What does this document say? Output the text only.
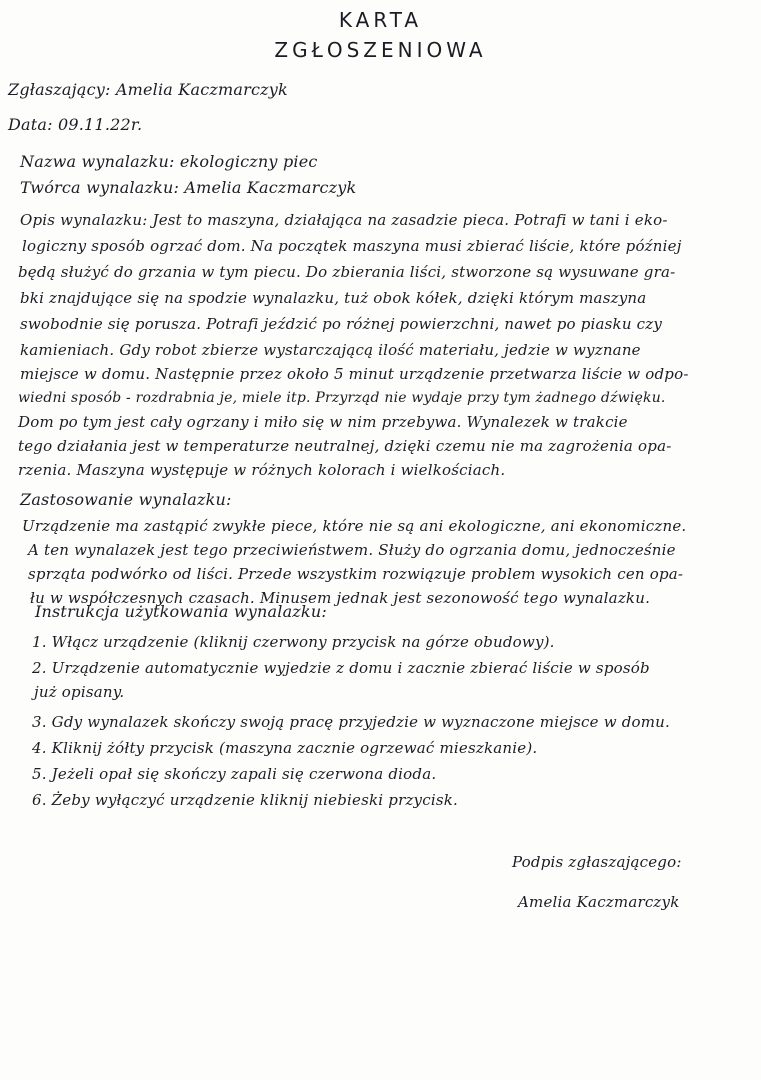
KARTA
ZGŁOSZENIOWA
Zgłaszający: Amelia Kaczmarczyk
Data: 09.11.22r.
Nazwa wynalazku: ekologiczny piec
Twórca wynalazku: Amelia Kaczmarczyk
Opis wynalazku: Jest to maszyna, działająca na zasadzie pieca. Potrafi w tani i eko-
logiczny sposób ogrzać dom. Na początek maszyna musi zbierać liście, które później
będą służyć do grzania w tym piecu. Do zbierania liści, stworzone są wysuwane gra-
bki znajdujące się na spodzie wynalazku, tuż obok kółek, dzięki którym maszyna
swobodnie się porusza. Potrafi jeździć po różnej powierzchni, nawet po piasku czy
kamieniach. Gdy robot zbierze wystarczającą ilość materiału, jedzie w wyznane
miejsce w domu. Następnie przez około 5 minut urządzenie przetwarza liście w odpo-
wiedni sposób - rozdrabnia je, miele itp. Przyrząd nie wydaje przy tym żadnego dźwięku.
Dom po tym jest cały ogrzany i miło się w nim przebywa. Wynalezek w trakcie
tego działania jest w temperaturze neutralnej, dzięki czemu nie ma zagrożenia opa-
rzenia. Maszyna występuje w różnych kolorach i wielkościach.
Zastosowanie wynalazku:
Urządzenie ma zastąpić zwykłe piece, które nie są ani ekologiczne, ani ekonomiczne.
A ten wynalazek jest tego przeciwieństwem. Służy do ogrzania domu, jednocześnie
sprząta podwórko od liści. Przede wszystkim rozwiązuje problem wysokich cen opa-
łu w współczesnych czasach. Minusem jednak jest sezonowość tego wynalazku.
Instrukcja użytkowania wynalazku:
1. Włącz urządzenie (kliknij czerwony przycisk na górze obudowy).
2. Urządzenie automatycznie wyjedzie z domu i zacznie zbierać liście w sposób
już opisany.
3. Gdy wynalazek skończy swoją pracę przyjedzie w wyznaczone miejsce w domu.
4. Kliknij żółty przycisk (maszyna zacznie ogrzewać mieszkanie).
5. Jeżeli opał się skończy zapali się czerwona dioda.
6. Żeby wyłączyć urządzenie kliknij niebieski przycisk.
Podpis zgłaszającego:
Amelia Kaczmarczyk
